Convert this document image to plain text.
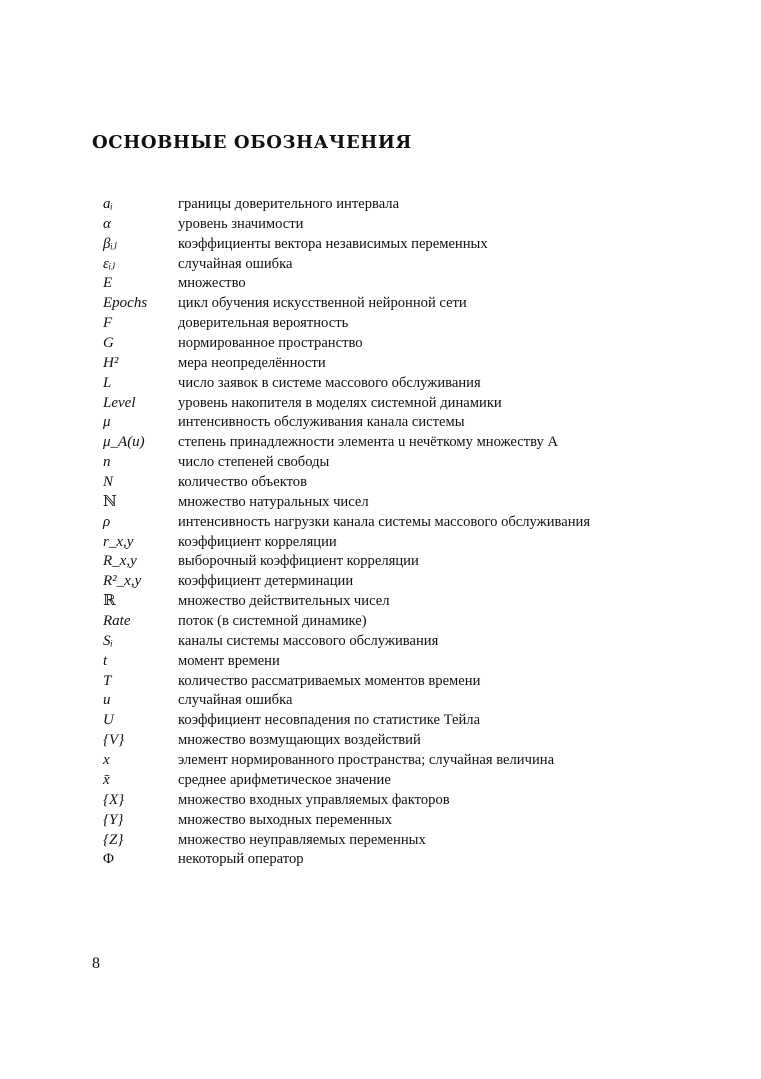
ОСНОВНЫЕ ОБОЗНАЧЕНИЯ
aᵢ	границы доверительного интервала
α	уровень значимости
βᵢⱼ	коэффициенты вектора независимых переменных
εᵢⱼ	случайная ошибка
E	множество
Epochs	цикл обучения искусственной нейронной сети
F	доверительная вероятность
G	нормированное пространство
H²	мера неопределённости
L	число заявок в системе массового обслуживания
Level	уровень накопителя в моделях системной динамики
μ	интенсивность обслуживания канала системы
μ_A(u)	степень принадлежности элемента u нечёткому множеству A
n	число степеней свободы
N	количество объектов
ℕ	множество натуральных чисел
ρ	интенсивность нагрузки канала системы массового обслуживания
r_x,y	коэффициент корреляции
R_x,y	выборочный коэффициент корреляции
R²_x,y	коэффициент детерминации
ℝ	множество действительных чисел
Rate	поток (в системной динамике)
Sᵢ	каналы системы массового обслуживания
t	момент времени
T	количество рассматриваемых моментов времени
u	случайная ошибка
U	коэффициент несовпадения по статистике Тейла
{V}	множество возмущающих воздействий
x	элемент нормированного пространства; случайная величина
x̄	среднее арифметическое значение
{X}	множество входных управляемых факторов
{Y}	множество выходных переменных
{Z}	множество неуправляемых переменных
Φ	некоторый оператор
8
